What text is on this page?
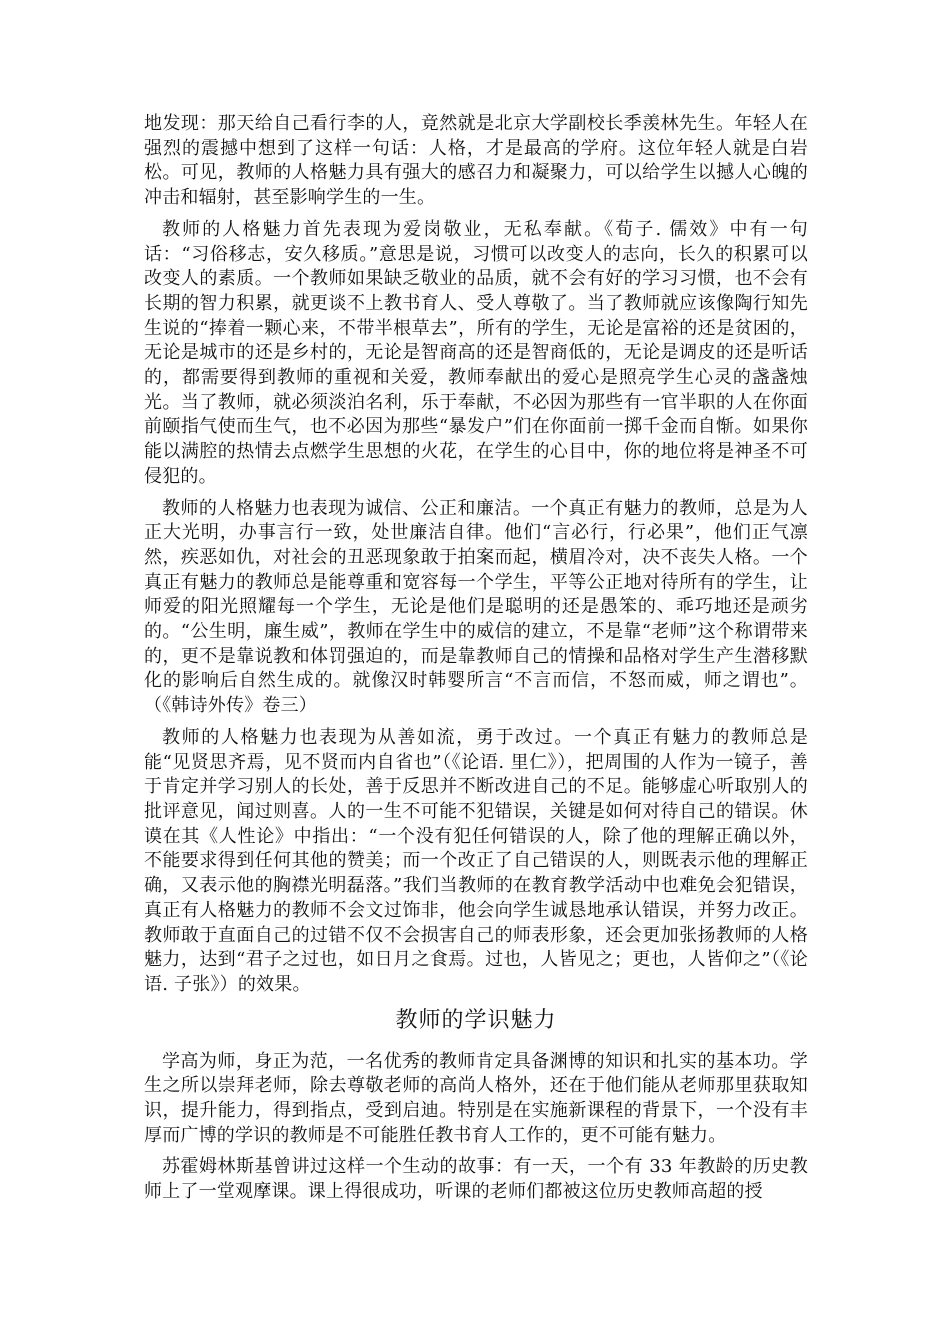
地发现：那天给自己看行李的人，竟然就是北京大学副校长季羡林先生。年轻人在强烈的震撼中想到了这样一句话：人格，才是最高的学府。这位年轻人就是白岩松。可见，教师的人格魅力具有强大的感召力和凝聚力，可以给学生以撼人心魄的冲击和辐射，甚至影响学生的一生。

教师的人格魅力首先表现为爱岗敬业，无私奉献。《荀子. 儒效》中有一句话：“习俗移志，安久移质。”意思是说，习惯可以改变人的志向，长久的积累可以改变人的素质。一个教师如果缺乏敬业的品质，就不会有好的学习习惯，也不会有长期的智力积累，就更谈不上教书育人、受人尊敬了。当了教师就应该像陶行知先生说的“捧着一颗心来，不带半根草去”，所有的学生，无论是富裕的还是贫困的，无论是城市的还是乡村的，无论是智商高的还是智商低的，无论是调皮的还是听话的，都需要得到教师的重视和关爱，教师奉献出的爱心是照亮学生心灵的盏盏烛光。当了教师，就必须淡泊名利，乐于奉献，不必因为那些有一官半职的人在你面前颐指气使而生气，也不必因为那些“暴发户”们在你面前一掷千金而自惭。如果你能以满腔的热情去点燃学生思想的火花，在学生的心目中，你的地位将是神圣不可侵犯的。

教师的人格魅力也表现为诚信、公正和廉洁。一个真正有魅力的教师，总是为人正大光明，办事言行一致，处世廉洁自律。他们“言必行，行必果”，他们正气凛然，疾恶如仇，对社会的丑恶现象敢于拍案而起，横眉冷对，决不丧失人格。一个真正有魅力的教师总是能尊重和宽容每一个学生，平等公正地对待所有的学生，让师爱的阳光照耀每一个学生，无论是他们是聪明的还是愚笨的、乖巧地还是顽劣的。“公生明，廉生威”，教师在学生中的威信的建立，不是靠“老师”这个称谓带来的，更不是靠说教和体罚强迫的，而是靠教师自己的情操和品格对学生产生潜移默化的影响后自然生成的。就像汉时韩婴所言“不言而信，不怒而威，师之谓也”。（《韩诗外传》卷三）

教师的人格魅力也表现为从善如流，勇于改过。一个真正有魅力的教师总是能“见贤思齐焉，见不贤而内自省也”（《论语. 里仁》），把周围的人作为一镜子，善于肯定并学习别人的长处，善于反思并不断改进自己的不足。能够虚心听取别人的批评意见，闻过则喜。人的一生不可能不犯错误，关键是如何对待自己的错误。休谟在其《人性论》中指出：“一个没有犯任何错误的人，除了他的理解正确以外，不能要求得到任何其他的赞美；而一个改正了自己错误的人，则既表示他的理解正确，又表示他的胸襟光明磊落。”我们当教师的在教育教学活动中也难免会犯错误，真正有人格魅力的教师不会文过饰非，他会向学生诚恳地承认错误，并努力改正。教师敢于直面自己的过错不仅不会损害自己的师表形象，还会更加张扬教师的人格魅力，达到“君子之过也，如日月之食焉。过也，人皆见之；更也，人皆仰之”（《论语. 子张》）的效果。

教师的学识魅力

学高为师，身正为范，一名优秀的教师肯定具备渊博的知识和扎实的基本功。学生之所以崇拜老师，除去尊敬老师的高尚人格外，还在于他们能从老师那里获取知识，提升能力，得到指点，受到启迪。特别是在实施新课程的背景下，一个没有丰厚而广博的学识的教师是不可能胜任教书育人工作的，更不可能有魅力。

苏霍姆林斯基曾讲过这样一个生动的故事：有一天，一个有 33 年教龄的历史教师上了一堂观摩课。课上得很成功，听课的老师们都被这位历史教师高超的授
